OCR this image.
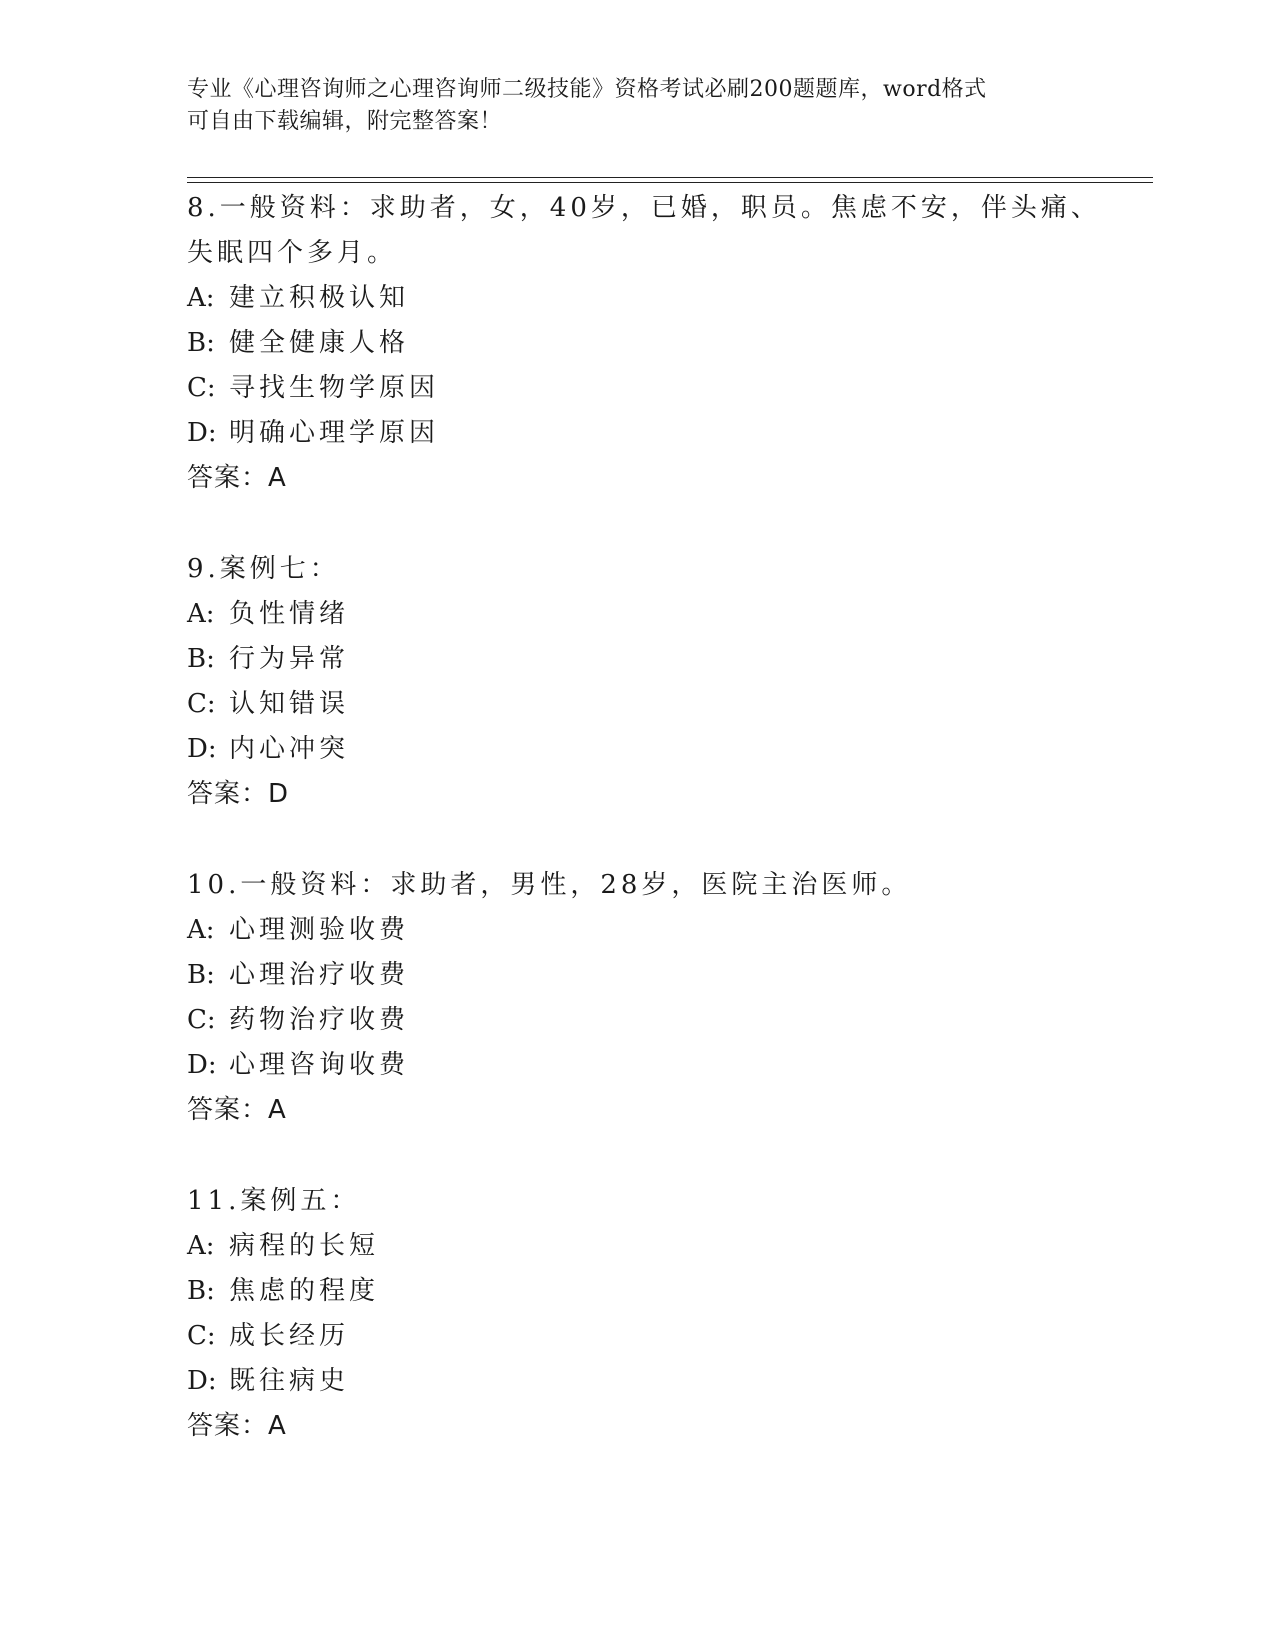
专业《心理咨询师之心理咨询师二级技能》资格考试必刷200题题库，word格式
可自由下载编辑，附完整答案！
8.一般资料：求助者，女，40岁，已婚，职员。焦虑不安，伴头痛、失眠四个多月。
A: 建立积极认知
B: 健全健康人格
C: 寻找生物学原因
D: 明确心理学原因
答案：A
9.案例七：
A: 负性情绪
B: 行为异常
C: 认知错误
D: 内心冲突
答案：D
10.一般资料：求助者，男性，28岁，医院主治医师。
A: 心理测验收费
B: 心理治疗收费
C: 药物治疗收费
D: 心理咨询收费
答案：A
11.案例五：
A: 病程的长短
B: 焦虑的程度
C: 成长经历
D: 既往病史
答案：A
